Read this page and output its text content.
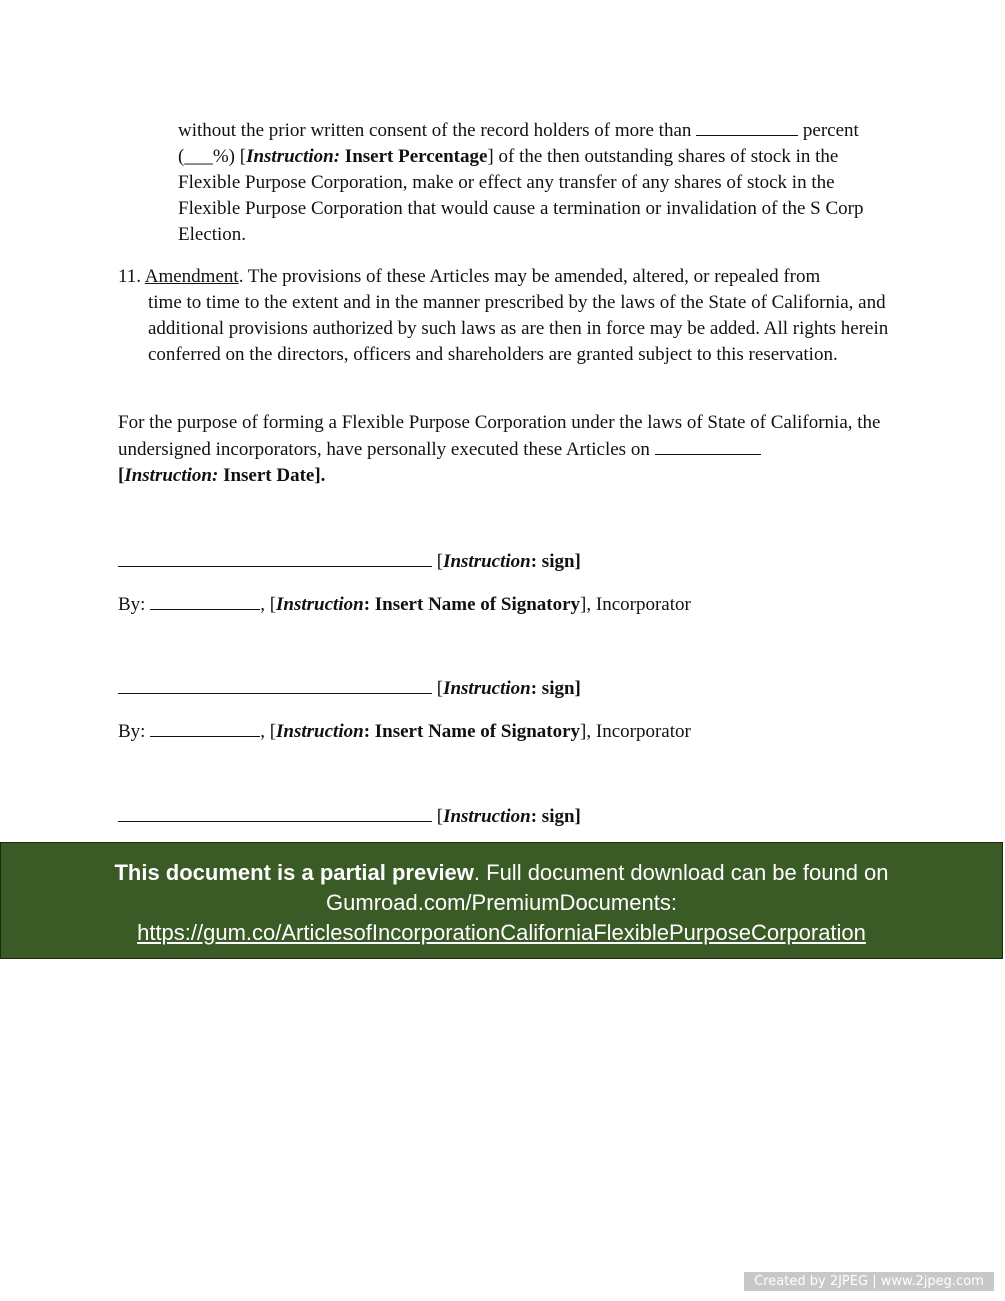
without the prior written consent of the record holders of more than	percent
(___%) [Instruction: Insert Percentage] of the then outstanding shares of stock in the Flexible Purpose Corporation, make or effect any transfer of any shares of stock in the Flexible Purpose Corporation that would cause a termination or invalidation of the S Corp Election.
11. Amendment. The provisions of these Articles may be amended, altered, or repealed from
time to time to the extent and in the manner prescribed by the laws of the State of California, and additional provisions authorized by such laws as are then in force may be added. All rights herein conferred on the directors, officers and shareholders are granted subject to this reservation.
For the purpose of forming a Flexible Purpose Corporation under the laws of State of California, the undersigned incorporators, have personally executed these Articles on
[Instruction: Insert Date].
[Instruction: sign]
By:	, [Instruction: Insert Name of Signatory], Incorporator
[Instruction: sign]
By:	, [Instruction: Insert Name of Signatory], Incorporator
[Instruction: sign]
This document is a partial preview. Full document download can be found on Gumroad.com/PremiumDocuments:
https://gum.co/ArticlesofIncorporationCaliforniaFlexiblePurposeCorporation
Created by 2JPEG | www.2jpeg.com
